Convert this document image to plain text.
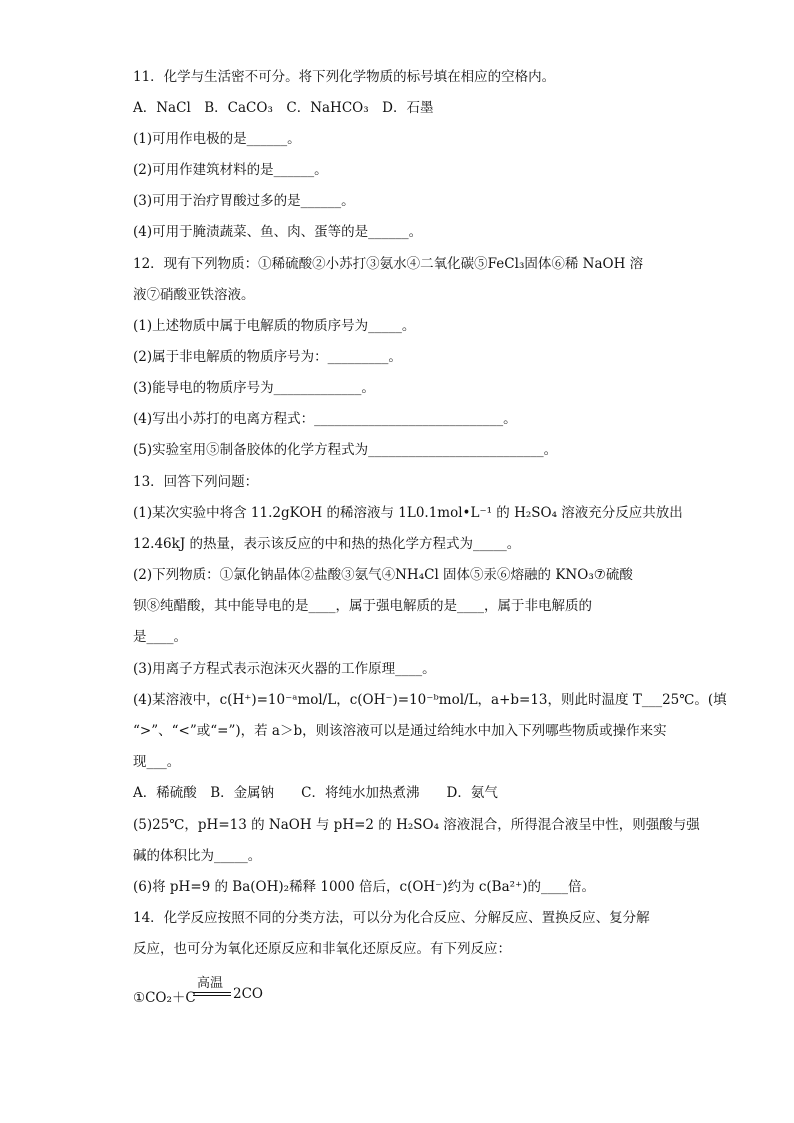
11．化学与生活密不可分。将下列化学物质的标号填在相应的空格内。
A．NaCl　B．CaCO₃　C．NaHCO₃　D．石墨
(1)可用作电极的是______。
(2)可用作建筑材料的是______。
(3)可用于治疗胃酸过多的是______。
(4)可用于腌渍蔬菜、鱼、肉、蛋等的是______。
12．现有下列物质：①稀硫酸②小苏打③氨水④二氧化碳⑤FeCl₃固体⑥稀 NaOH 溶
液⑦硝酸亚铁溶液。
(1)上述物质中属于电解质的物质序号为_____。
(2)属于非电解质的物质序号为：_________。
(3)能导电的物质序号为_____________。
(4)写出小苏打的电离方程式：____________________________。
(5)实验室用⑤制备胶体的化学方程式为__________________________。
13．回答下列问题：
(1)某次实验中将含 11.2gKOH 的稀溶液与 1L0.1mol•L⁻¹ 的 H₂SO₄ 溶液充分反应共放出
12.46kJ 的热量，表示该反应的中和热的热化学方程式为_____。
(2)下列物质：①氯化钠晶体②盐酸③氨气④NH₄Cl 固体⑤汞⑥熔融的 KNO₃⑦硫酸
钡⑧纯醋酸，其中能导电的是____，属于强电解质的是____，属于非电解质的
是____。
(3)用离子方程式表示泡沫灭火器的工作原理____。
(4)某溶液中，c(H⁺)=10⁻ᵃmol/L，c(OH⁻)=10⁻ᵇmol/L，a+b=13，则此时温度 T___25℃。(填
“>”、“<”或“=”)，若 a＞b，则该溶液可以是通过给纯水中加入下列哪些物质或操作来实
现___。
A．稀硫酸　B．金属钠　　C．将纯水加热煮沸　　D．氨气
(5)25℃，pH=13 的 NaOH 与 pH=2 的 H₂SO₄ 溶液混合，所得混合液呈中性，则强酸与强
碱的体积比为_____。
(6)将 pH=9 的 Ba(OH)₂稀释 1000 倍后，c(OH⁻)约为 c(Ba²⁺)的____倍。
14．化学反应按照不同的分类方法，可以分为化合反应、分解反应、置换反应、复分解
反应，也可分为氧化还原反应和非氧化还原反应。有下列反应：
①CO₂＋C
高温
2CO
